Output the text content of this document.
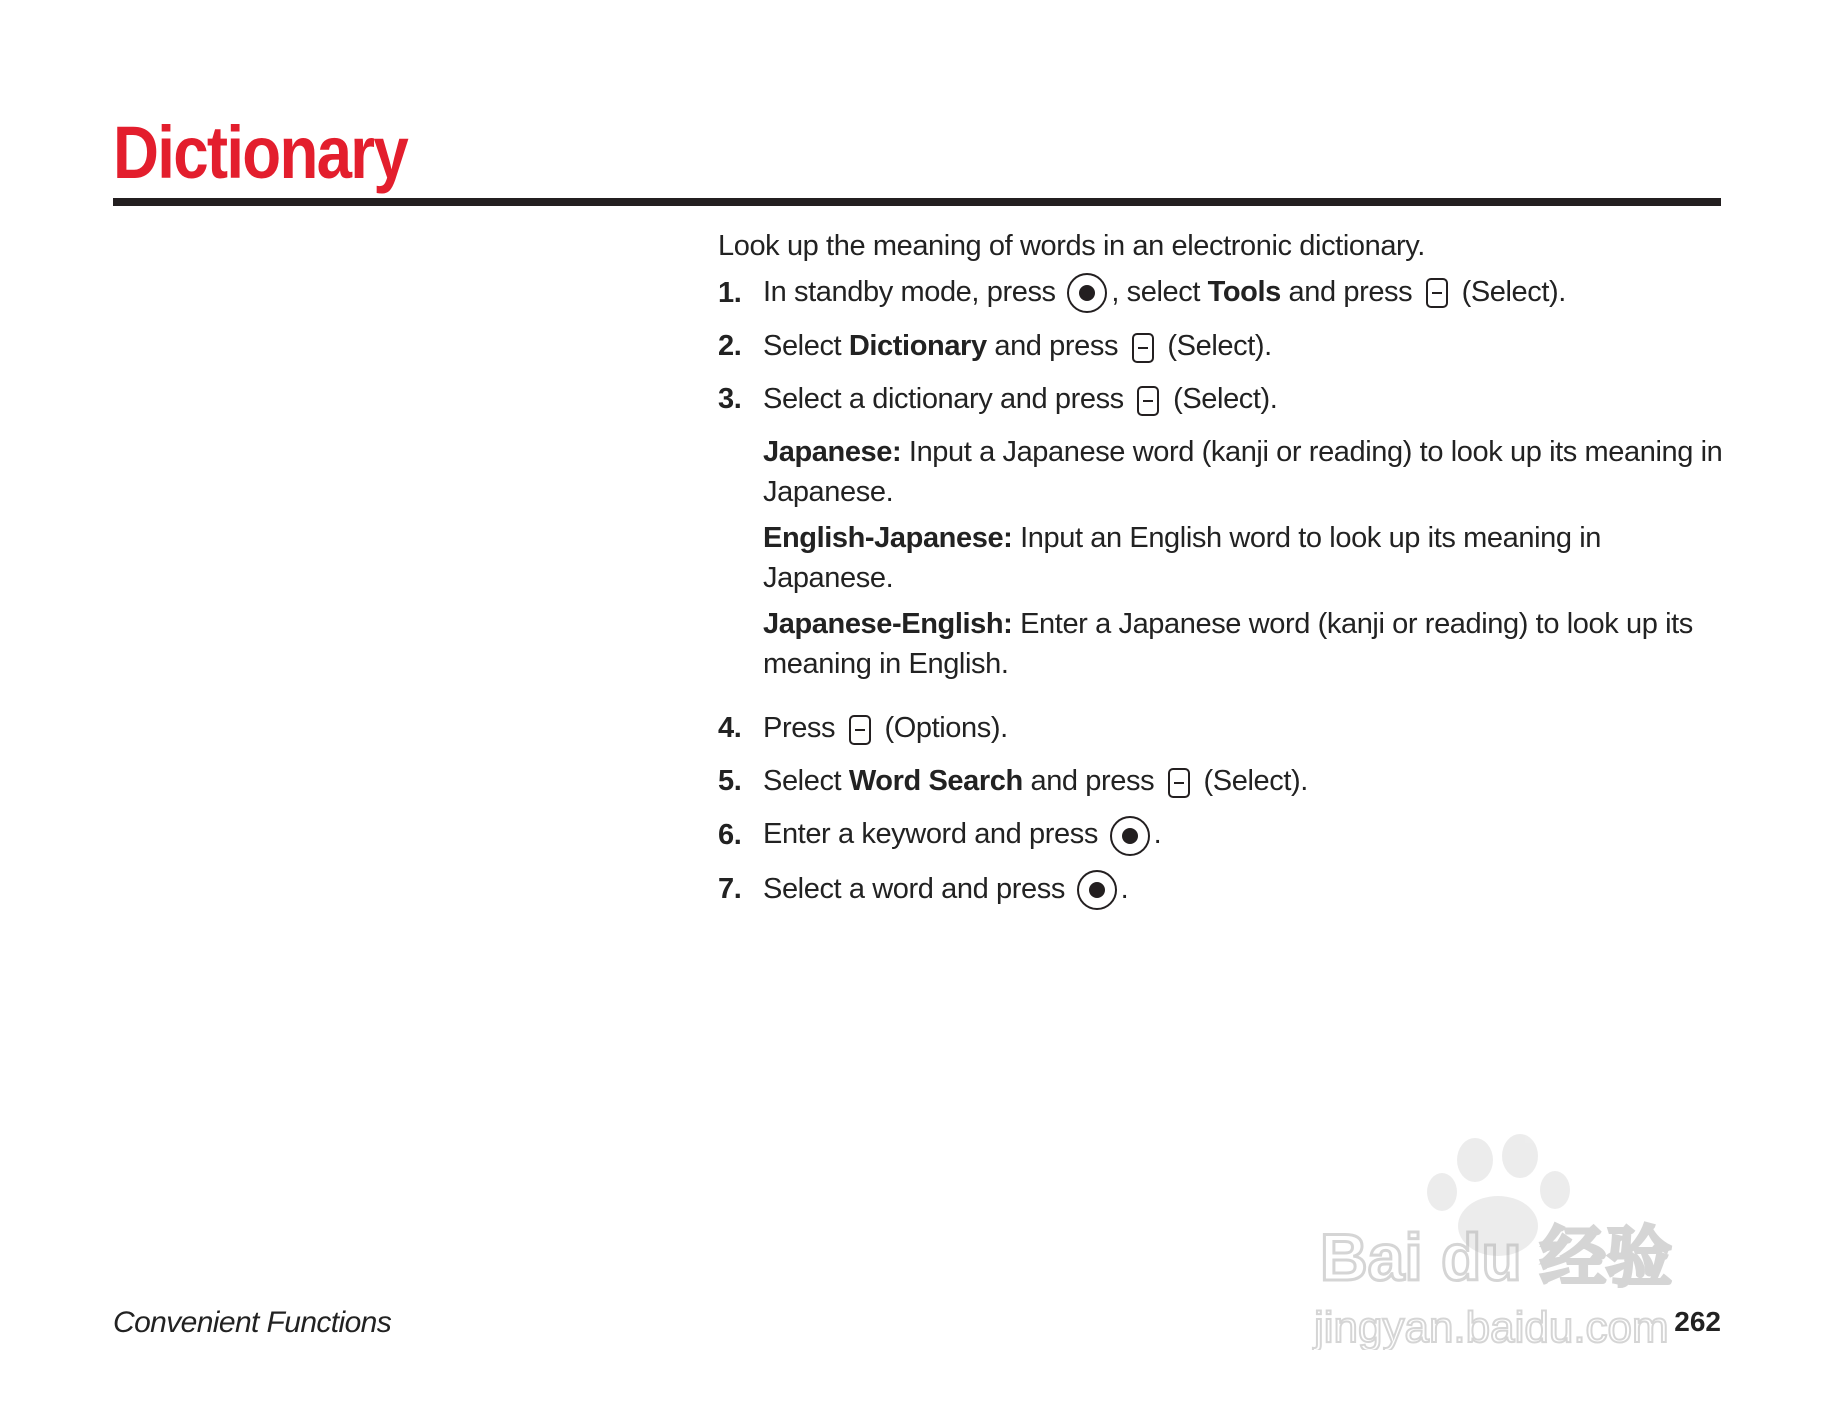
Dictionary

Look up the meaning of words in an electronic dictionary.

1. In standby mode, press
, select Tools and press
(Select).
2. Select Dictionary and press
(Select).
3. Select a dictionary and press
(Select).

Japanese: Input a Japanese word (kanji or reading) to look up its meaning in Japanese.

English-Japanese: Input an English word to look up its meaning in Japanese.

Japanese-English: Enter a Japanese word (kanji or reading) to look up its meaning in English.

4. Press
(Options).
5. Select Word Search and press
(Select).
6. Enter a keyword and press
.
7. Select a word and press
.
Convenient Functions	262
Bai du 经验
jingyan.baidu.com
